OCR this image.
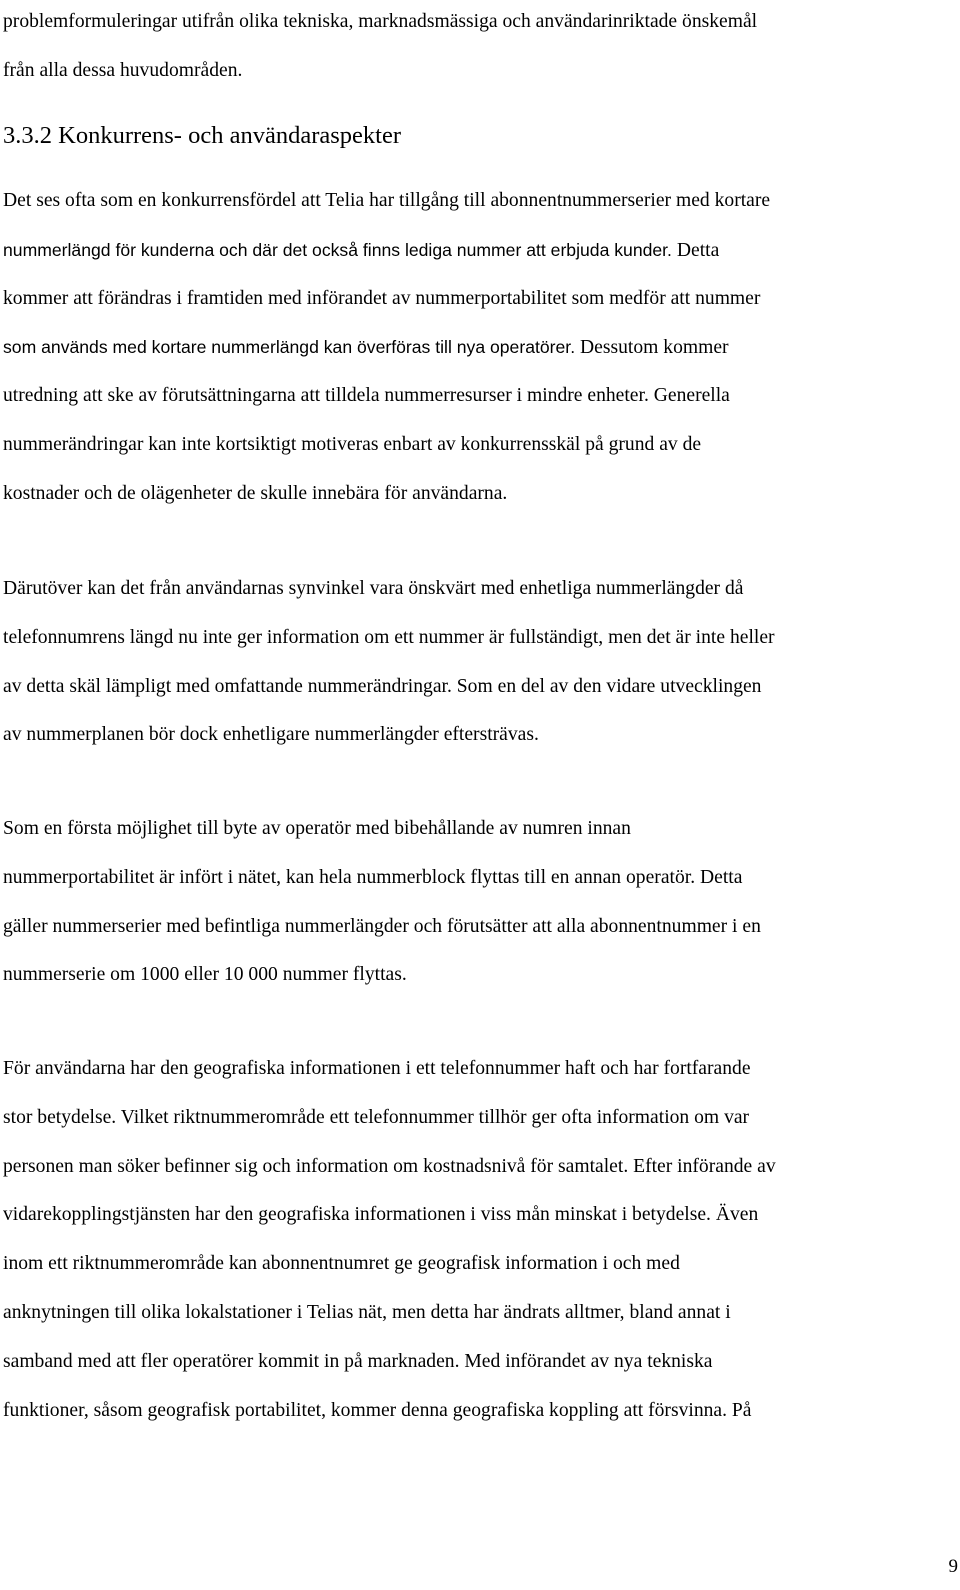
problemformuleringar utifrån olika tekniska, marknadsmässiga och användarinriktade önskemål
från alla dessa huvudområden.
3.3.2 Konkurrens- och användaraspekter
Det ses ofta som en konkurrensfördel att Telia har tillgång till abonnentnummerserier med kortare
nummerlängd för kunderna och där det också finns lediga nummer att erbjuda kunder. Detta
kommer att förändras i framtiden med införandet av nummerportabilitet som medför att nummer
som används med kortare nummerlängd kan överföras till nya operatörer. Dessutom kommer
utredning att ske av förutsättningarna att tilldela nummerresurser i mindre enheter. Generella
nummerändringar kan inte kortsiktigt motiveras enbart av konkurrensskäl på grund av de
kostnader och de olägenheter de skulle innebära för användarna.
Därutöver kan det från användarnas synvinkel vara önskvärt med enhetliga nummerlängder då
telefonnumrens längd nu inte ger information om ett nummer är fullständigt, men det är inte heller
av detta skäl lämpligt med omfattande nummerändringar. Som en del av den vidare utvecklingen
av nummerplanen bör dock enhetligare nummerlängder eftersträvas.
Som en första möjlighet till byte av operatör med bibehållande av numren innan
nummerportabilitet är infört i nätet, kan hela nummerblock flyttas till en annan operatör. Detta
gäller nummerserier med befintliga nummerlängder och förutsätter att alla abonnentnummer i en
nummerserie om 1000 eller 10 000 nummer flyttas.
För användarna har den geografiska informationen i ett telefonnummer haft och har fortfarande
stor betydelse. Vilket riktnummerområde ett telefonnummer tillhör ger ofta information om var
personen man söker befinner sig och information om kostnadsnivå för samtalet. Efter införande av
vidarekopplingstjänsten har den geografiska informationen i viss mån minskat i betydelse. Även
inom ett riktnummerområde kan abonnentnumret ge geografisk information i och med
anknytningen till olika lokalstationer i Telias nät, men detta har ändrats alltmer, bland annat i
samband med att fler operatörer kommit in på marknaden. Med införandet av nya tekniska
funktioner, såsom geografisk portabilitet, kommer denna geografiska koppling att försvinna. På
9
